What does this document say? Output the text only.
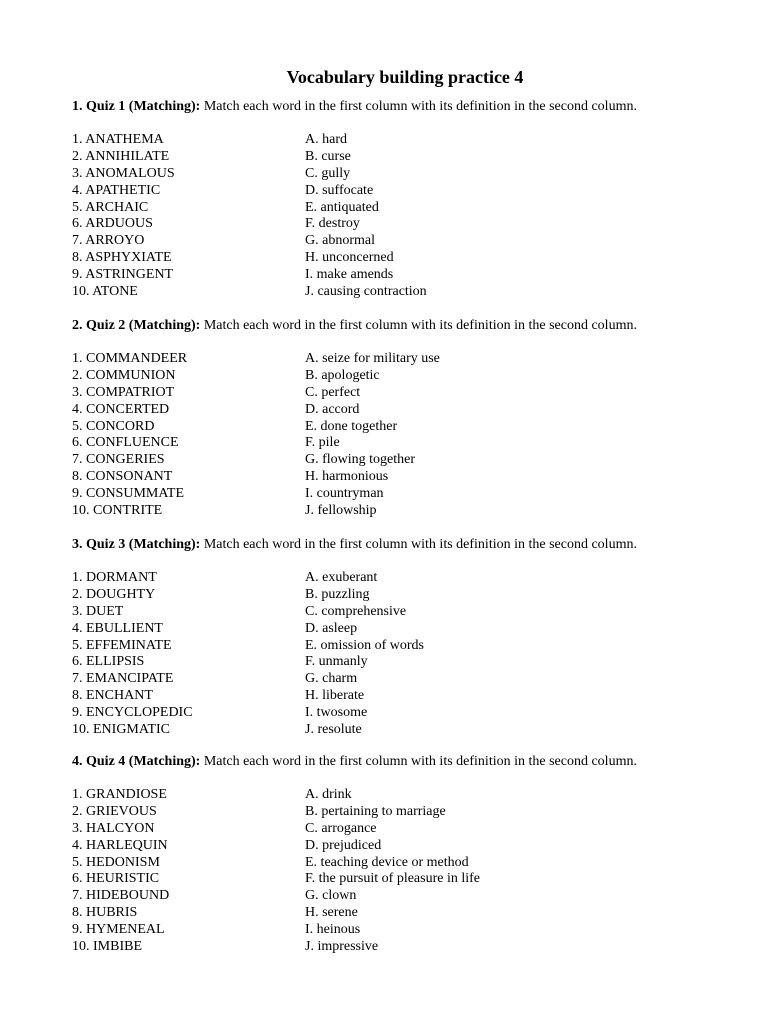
Vocabulary building practice 4
1. Quiz 1 (Matching): Match each word in the first column with its definition in the second column.
1. ANATHEMA	A. hard
2. ANNIHILATE	B. curse
3. ANOMALOUS	C. gully
4. APATHETIC	D. suffocate
5. ARCHAIC	E. antiquated
6. ARDUOUS	F. destroy
7. ARROYO	G. abnormal
8. ASPHYXIATE	H. unconcerned
9. ASTRINGENT	I. make amends
10. ATONE	J. causing contraction
2. Quiz 2 (Matching): Match each word in the first column with its definition in the second column.
1. COMMANDEER	A. seize for military use
2. COMMUNION	B. apologetic
3. COMPATRIOT	C. perfect
4. CONCERTED	D. accord
5. CONCORD	E. done together
6. CONFLUENCE	F. pile
7. CONGERIES	G. flowing together
8. CONSONANT	H. harmonious
9. CONSUMMATE	I. countryman
10. CONTRITE	J. fellowship
3. Quiz 3 (Matching): Match each word in the first column with its definition in the second column.
1. DORMANT	A. exuberant
2. DOUGHTY	B. puzzling
3. DUET	C. comprehensive
4. EBULLIENT	D. asleep
5. EFFEMINATE	E. omission of words
6. ELLIPSIS	F. unmanly
7. EMANCIPATE	G. charm
8. ENCHANT	H. liberate
9. ENCYCLOPEDIC	I. twosome
10. ENIGMATIC	J. resolute
4. Quiz 4 (Matching): Match each word in the first column with its definition in the second column.
1. GRANDIOSE	A. drink
2. GRIEVOUS	B. pertaining to marriage
3. HALCYON	C. arrogance
4. HARLEQUIN	D. prejudiced
5. HEDONISM	E. teaching device or method
6. HEURISTIC	F. the pursuit of pleasure in life
7. HIDEBOUND	G. clown
8. HUBRIS	H. serene
9. HYMENEAL	I. heinous
10. IMBIBE	J. impressive
